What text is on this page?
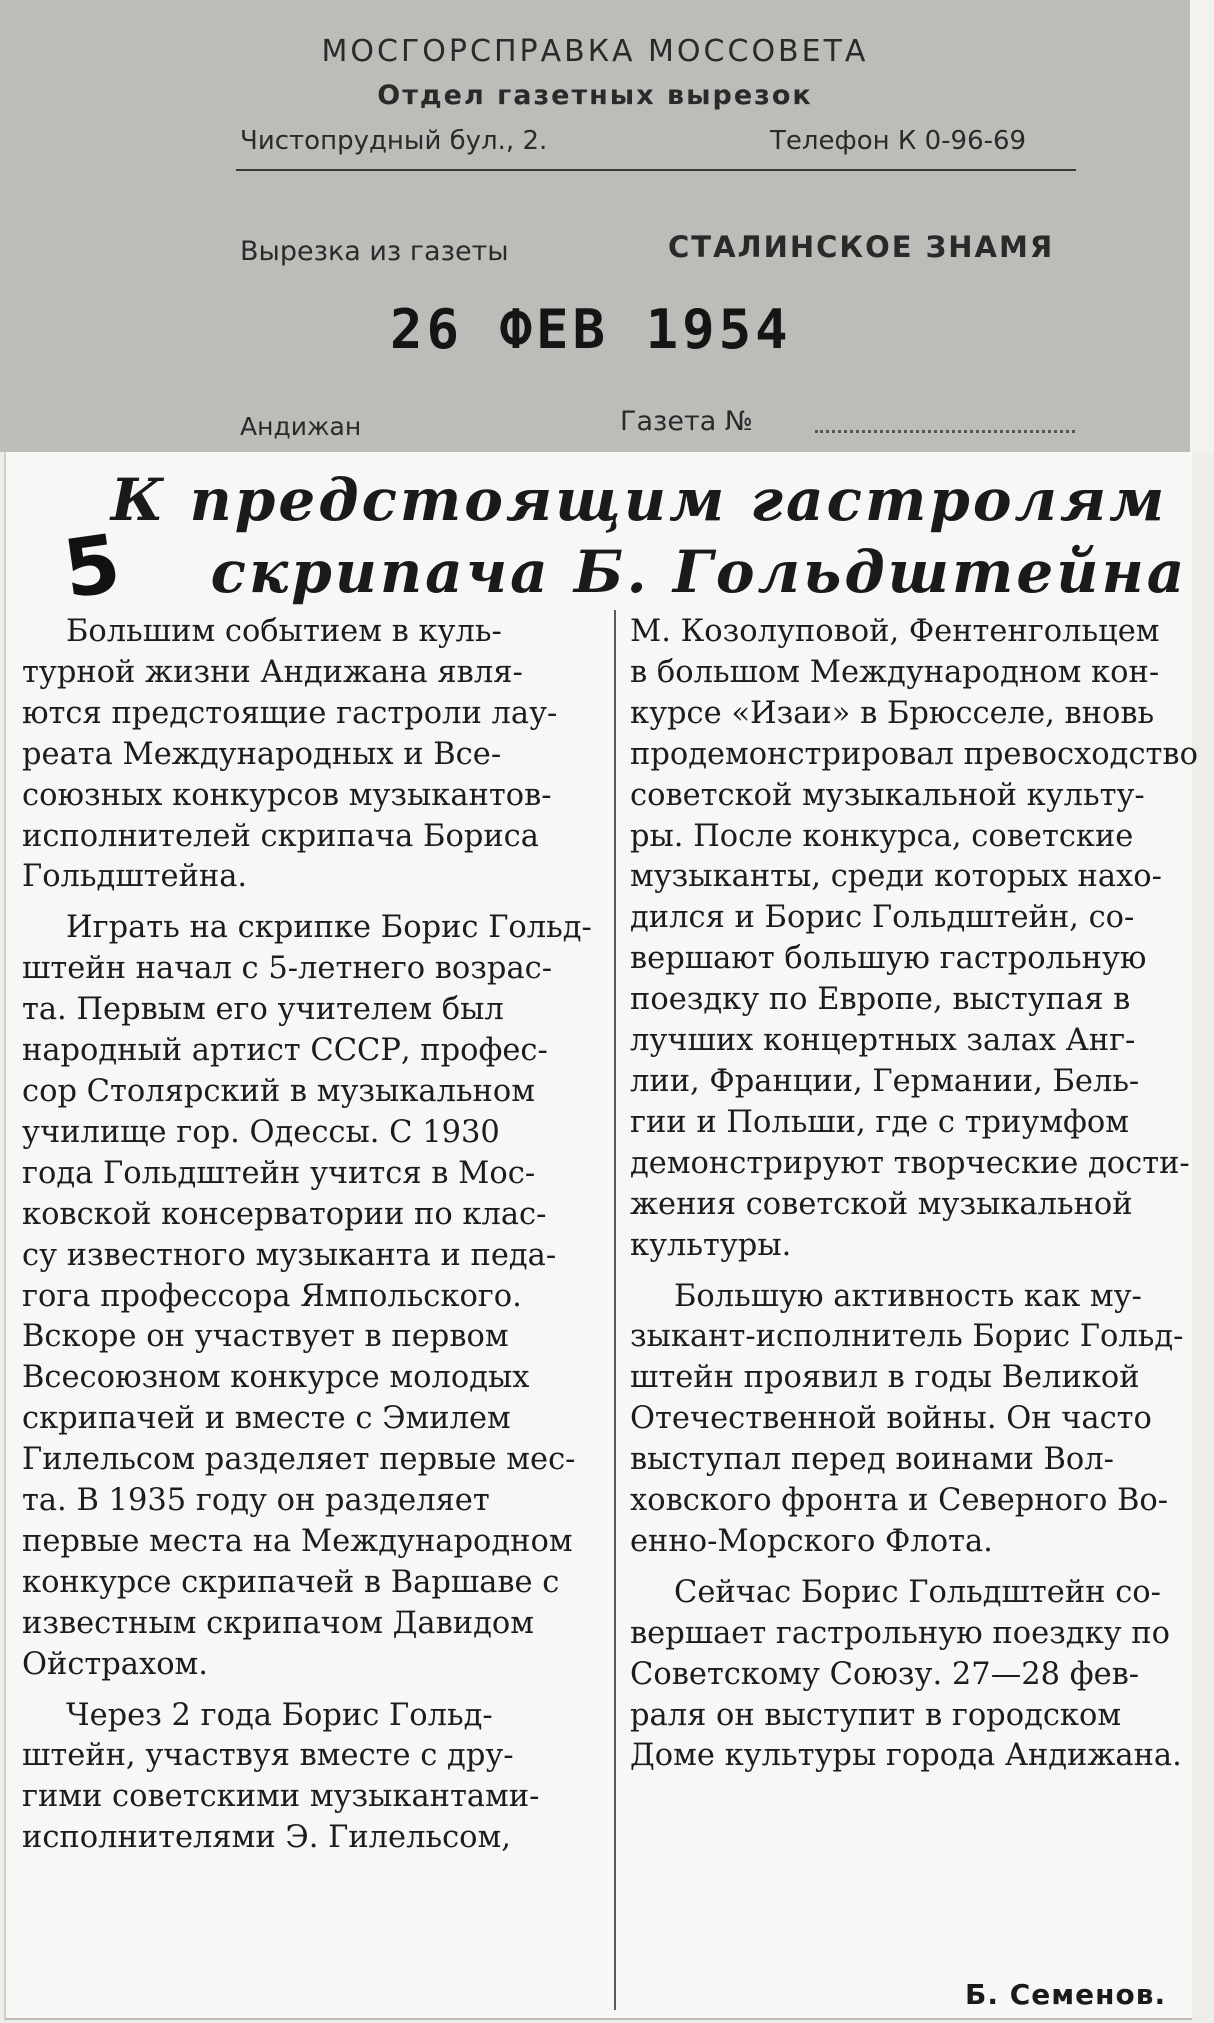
МОСГОРСПРАВКА МОССОВЕТА
Отдел газетных вырезок
Чистопрудный бул., 2.	Телефон К 0-96-69
Вырезка из газеты	СТАЛИНСКОЕ ЗНАМЯ
26 ФЕВ 1954
Андижан	Газета №
К предстоящим гастролям
скрипача Б. Гольдштейна
5

Большим событием в куль-
турной жизни Андижана явля-
ются предстоящие гастроли лау-
реата Международных и Все-
союзных конкурсов музыкантов-
исполнителей скрипача Бориса
Гольдштейна.

Играть на скрипке Борис Гольд-
штейн начал с 5-летнего возрас-
та. Первым его учителем был
народный артист СССР, профес-
сор Столярский в музыкальном
училище гор. Одессы. С 1930
года Гольдштейн учится в Мос-
ковской консерватории по клас-
су известного музыканта и педа-
гога профессора Ямпольского.
Вскоре он участвует в первом
Всесоюзном конкурсе молодых
скрипачей и вместе с Эмилем
Гилельсом разделяет первые мес-
та. В 1935 году он разделяет
первые места на Международном
конкурсе скрипачей в Варшаве с
известным скрипачом Давидом
Ойстрахом.

Через 2 года Борис Гольд-
штейн, участвуя вместе с дру-
гими советскими музыкантами-
исполнителями Э. Гилельсом,

М. Козолуповой, Фентенгольцем
в большом Международном кон-
курсе «Изаи» в Брюсселе, вновь
продемонстрировал превосходство
советской музыкальной культу-
ры. После конкурса, советские
музыканты, среди которых нахо-
дился и Борис Гольдштейн, со-
вершают большую гастрольную
поездку по Европе, выступая в
лучших концертных залах Анг-
лии, Франции, Германии, Бель-
гии и Польши, где с триумфом
демонстрируют творческие дости-
жения советской музыкальной
культуры.

Большую активность как му-
зыкант-исполнитель Борис Гольд-
штейн проявил в годы Великой
Отечественной войны. Он часто
выступал перед воинами Вол-
ховского фронта и Северного Во-
енно-Морского Флота.

Сейчас Борис Гольдштейн со-
вершает гастрольную поездку по
Советскому Союзу. 27—28 фев-
раля он выступит в городском
Доме культуры города Андижана.

Б. Семенов.
